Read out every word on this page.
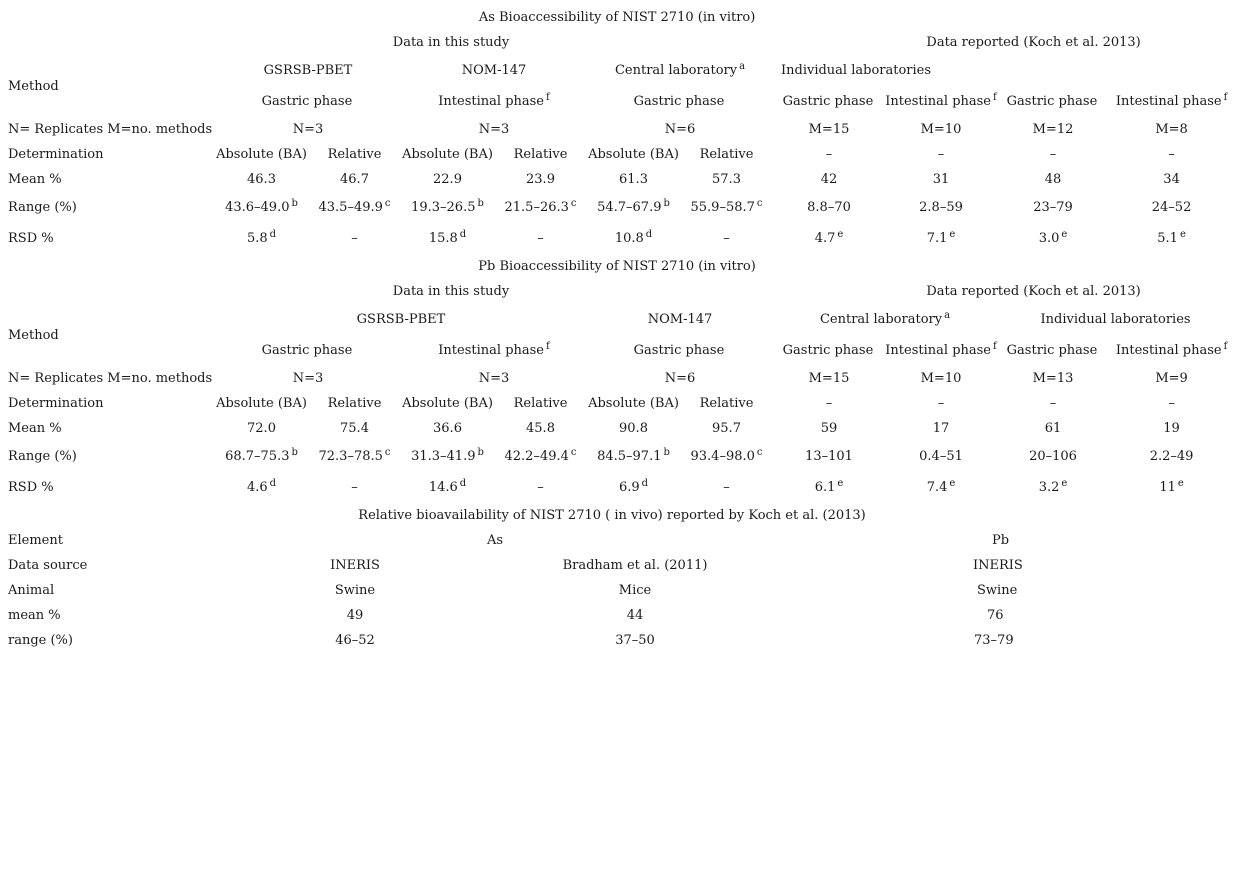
As Bioaccessibility of NIST 2710 (in vitro)										
	Data in this study						Data reported (Koch et al. 2013)			
Method	GSRSB-PBET		NOM-147		Central laboratory $^a$		Individual laboratories			
	Gastric phase		Intestinal phase $^f$		Gastric phase		Gastric phase	Intestinal phase $^f$	Gastric phase	Intestinal phase $^f$
N= Replicates M=no. methods	N=3		N=3		N=6		M=15	M=10	M=12	M=8
Determination	Absolute (BA)	Relative	Absolute (BA)	Relative	Absolute (BA)	Relative	–	–	–	–
Mean %	46.3	46.7	22.9	23.9	61.3	57.3	42	31	48	34
Range (%)	43.6–49.0 $^b$	43.5–49.9 $^c$	19.3–26.5 $^b$	21.5–26.3 $^c$	54.7–67.9 $^b$	55.9–58.7 $^c$	8.8–70	2.8–59	23–79	24–52
RSD %	5.8 $^d$	–	15.8 $^d$	–	10.8 $^d$	–	4.7 $^e$	7.1 $^e$	3.0 $^e$	5.1 $^e$
Pb Bioaccessibility of NIST 2710 (in vitro)										
	Data in this study						Data reported (Koch et al. 2013)			
Method	GSRSB-PBET				NOM-147		Central laboratory $^a$		Individual laboratories	
	Gastric phase		Intestinal phase $^f$		Gastric phase		Gastric phase	Intestinal phase $^f$	Gastric phase	Intestinal phase $^f$
N= Replicates M=no. methods	N=3		N=3		N=6		M=15	M=10	M=13	M=9
Determination	Absolute (BA)	Relative	Absolute (BA)	Relative	Absolute (BA)	Relative	–	–	–	–
Mean %	72.0	75.4	36.6	45.8	90.8	95.7	59	17	61	19
Range (%)	68.7–75.3 $^b$	72.3–78.5 $^c$	31.3–41.9 $^b$	42.2–49.4 $^c$	84.5–97.1 $^b$	93.4–98.0 $^c$	13–101	0.4–51	20–106	2.2–49
RSD %	4.6 $^d$	–	14.6 $^d$	–	6.9 $^d$	–	6.1 $^e$	7.4 $^e$	3.2 $^e$	11 $^e$
Relative bioavailability of NIST 2710 ( in vivo) reported by Koch et al. (2013)			
Element	As		Pb
Data source	INERIS	Bradham et al. (2011)	INERIS
Animal	Swine	Mice	Swine
mean %	49	44	76
range (%)	46–52	37–50	73–79
